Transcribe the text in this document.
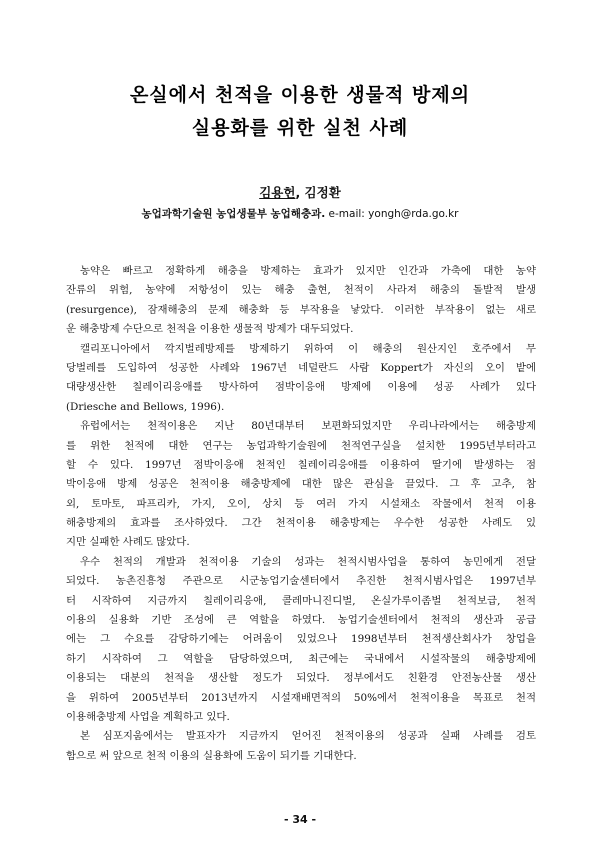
온실에서 천적을 이용한 생물적 방제의
실용화를 위한 실천 사례
김용헌, 김정환
농업과학기술원 농업생물부 농업해충과. e-mail: yongh@rda.go.kr
농약은 빠르고 정확하게 해충을 방제하는 효과가 있지만 인간과 가축에 대한 농약
잔류의 위험, 농약에 저항성이 있는 해충 출현, 천적이 사라져 해충의 돌발적 발생
(resurgence), 잠재해충의 문제 해충화 등 부작용을 낳았다. 이러한 부작용이 없는 새로
운 해충방제 수단으로 천적을 이용한 생물적 방제가 대두되었다.
캘리포니아에서 깍지벌레방제를 방제하기 위하여 이 해충의 원산지인 호주에서 무
당벌레를 도입하여 성공한 사례와 1967년 네덜란드 사람 Koppert가 자신의 오이 밭에
대량생산한 칠레이리응애를 방사하여 점박이응애 방제에 이용에 성공 사례가 있다
(Driesche and Bellows, 1996).
유럽에서는 천적이용은 지난 80년대부터 보편화되었지만 우리나라에서는 해충방제
를 위한 천적에 대한 연구는 농업과학기술원에 천적연구실을 설치한 1995년부터라고
할 수 있다. 1997년 점박이응애 천적인 칠레이리응애를 이용하여 딸기에 발생하는 점
박이응애 방제 성공은 천적이용 해충방제에 대한 많은 관심을 끌었다. 그 후 고추, 참
외, 토마토, 파프리카, 가지, 오이, 상치 등 여러 가지 시설채소 작물에서 천적 이용
해충방제의 효과를 조사하였다. 그간 천적이용 해충방제는 우수한 성공한 사례도 있
지만 실패한 사례도 많았다.
우수 천적의 개발과 천적이용 기술의 성과는 천적시범사업을 통하여 농민에게 전달
되었다. 농촌진흥청 주관으로 시군농업기술센터에서 추진한 천적시범사업은 1997년부
터 시작하여 지금까지 칠레이리응애, 콜레마니진디벌, 온실가루이좀벌 천적보급, 천적
이용의 실용화 기반 조성에 큰 역할을 하였다. 농업기술센터에서 천적의 생산과 공급
에는 그 수요를 감당하기에는 어려움이 있었으나 1998년부터 천적생산회사가 창업을
하기 시작하여 그 역할을 담당하였으며, 최근에는 국내에서 시설작물의 해충방제에
이용되는 대분의 천적을 생산할 정도가 되었다. 정부에서도 친환경 안전농산물 생산
을 위하여 2005년부터 2013년까지 시설재배면적의 50%에서 천적이용을 목표로 천적
이용해충방제 사업을 계획하고 있다.
본 심포지움에서는 발표자가 지금까지 얻어진 천적이용의 성공과 실패 사례를 검토
함으로 써 앞으로 천적 이용의 실용화에 도움이 되기를 기대한다.
- 34 -
